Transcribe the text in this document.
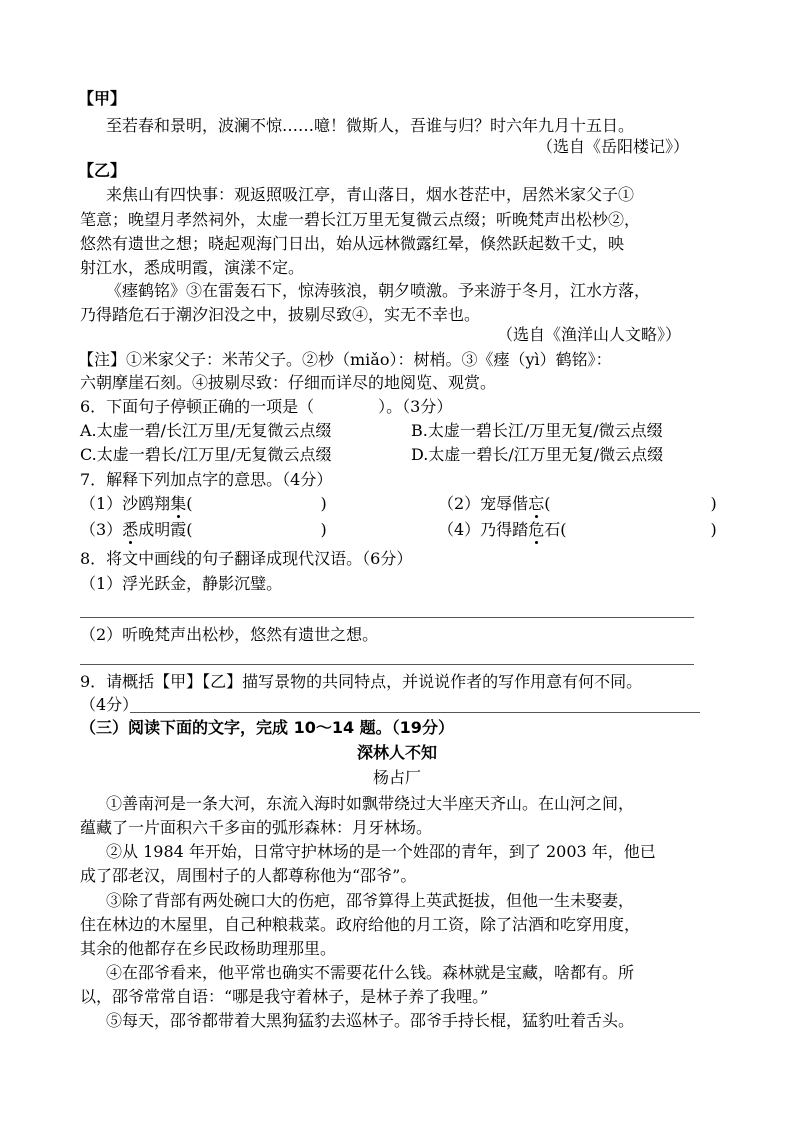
【甲】
至若春和景明，波澜不惊……噫！微斯人，吾谁与归？时六年九月十五日。
（选自《岳阳楼记》）
【乙】
来焦山有四快事：观返照吸江亭，青山落日，烟水苍茫中，居然米家父子①
笔意；晚望月孝然祠外，太虚一碧长江万里无复微云点缀；听晚梵声出松杪②，
悠然有遗世之想；晓起观海门日出，始从远林微露红晕，倏然跃起数千丈，映
射江水，悉成明霞，演漾不定。
《瘗鹤铭》③在雷轰石下，惊涛骇浪，朝夕喷激。予来游于冬月，江水方落，
乃得踏危石于潮汐汩没之中，披剔尽致④，实无不幸也。
（选自《渔洋山人文略》）
【注】①米家父子：米芾父子。②杪（miǎo）：树梢。③《瘗（yì）鹤铭》：
六朝摩崖石刻。④披剔尽致：仔细而详尽的地阅览、观赏。
6．下面句子停顿正确的一项是（　　　　）。（3分）
A.太虚一碧/长江万里/无复微云点缀	B.太虚一碧长江/万里无复/微云点缀
C.太虚一碧长/江万里/无复微云点缀	D.太虚一碧长/江万里无复/微云点缀
7．解释下列加点字的意思。（4分）
（1）沙鸥翔集(　　　　　　　　)	（2）宠辱偕忘(　　　　　　　　　　)
（3）悉成明霞(　　　　　　　　)	（4）乃得踏危石(　　　　　　　　　)
8．将文中画线的句子翻译成现代汉语。（6分）
（1）浮光跃金，静影沉璧。
（2）听晚梵声出松杪，悠然有遗世之想。
9．请概括【甲】【乙】描写景物的共同特点，并说说作者的写作用意有何不同。
（4分）
（三）阅读下面的文字，完成 10～14 题。（19分）
深林人不知
杨占厂
①善南河是一条大河，东流入海时如飘带绕过大半座天齐山。在山河之间，
蕴藏了一片面积六千多亩的弧形森林：月牙林场。
②从 1984 年开始，日常守护林场的是一个姓邵的青年，到了 2003 年，他已
成了邵老汉，周围村子的人都尊称他为“邵爷”。
③除了背部有两处碗口大的伤疤，邵爷算得上英武挺拔，但他一生未娶妻，
住在林边的木屋里，自己种粮栽菜。政府给他的月工资，除了沽酒和吃穿用度，
其余的他都存在乡民政杨助理那里。
④在邵爷看来，他平常也确实不需要花什么钱。森林就是宝藏，啥都有。所
以，邵爷常常自语：“哪是我守着林子，是林子养了我哩。”
⑤每天，邵爷都带着大黑狗猛豹去巡林子。邵爷手持长棍，猛豹吐着舌头。
